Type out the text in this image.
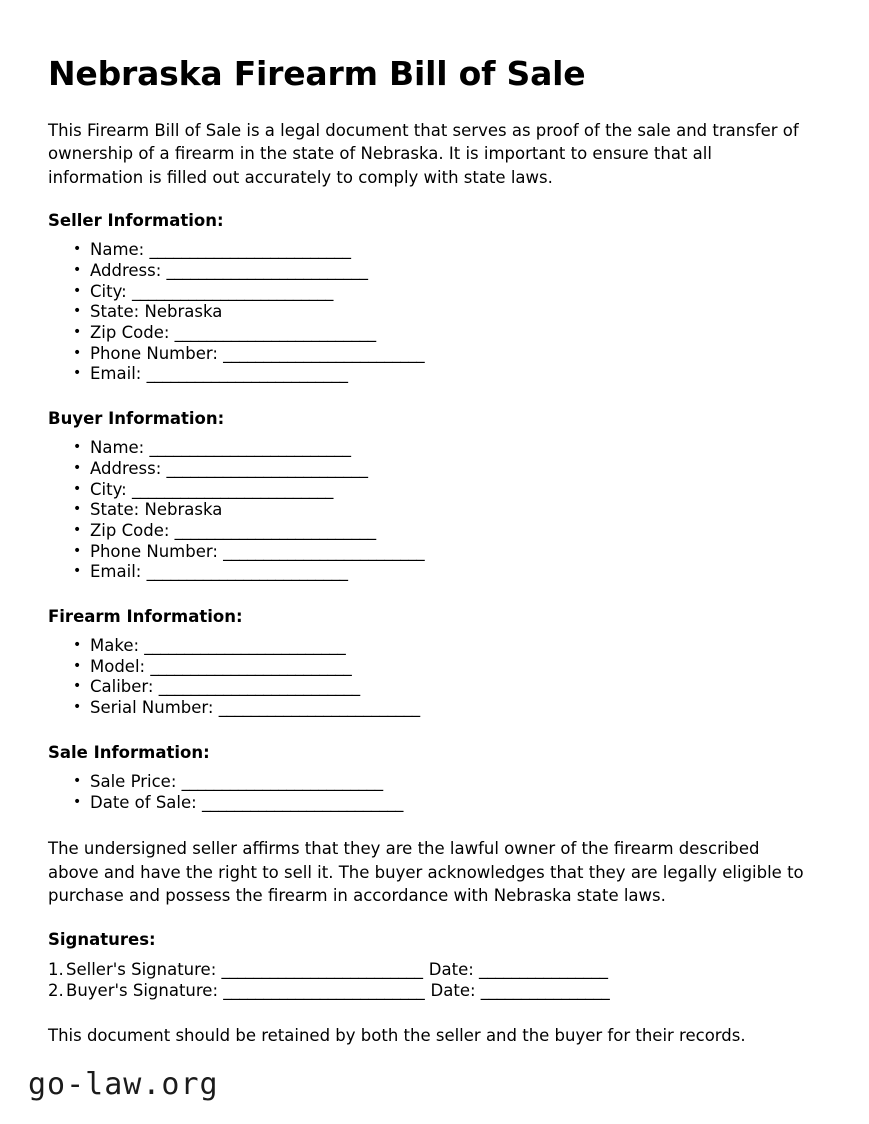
Nebraska Firearm Bill of Sale

This Firearm Bill of Sale is a legal document that serves as proof of the sale and transfer of ownership of a firearm in the state of Nebraska. It is important to ensure that all information is filled out accurately to comply with state laws.

Seller Information:
• Name: _________________________
• Address: _________________________
• City: _________________________
• State: Nebraska
• Zip Code: _________________________
• Phone Number: _________________________
• Email: _________________________
Buyer Information:
• Name: _________________________
• Address: _________________________
• City: _________________________
• State: Nebraska
• Zip Code: _________________________
• Phone Number: _________________________
• Email: _________________________
Firearm Information:
• Make: _________________________
• Model: _________________________
• Caliber: _________________________
• Serial Number: _________________________
Sale Information:
• Sale Price: _________________________
• Date of Sale: _________________________

The undersigned seller affirms that they are the lawful owner of the firearm described above and have the right to sell it. The buyer acknowledges that they are legally eligible to purchase and possess the firearm in accordance with Nebraska state laws.

Signatures:
Seller's Signature: _________________________ Date: ________________
Buyer's Signature: _________________________ Date: ________________

This document should be retained by both the seller and the buyer for their records.

go-law.org
